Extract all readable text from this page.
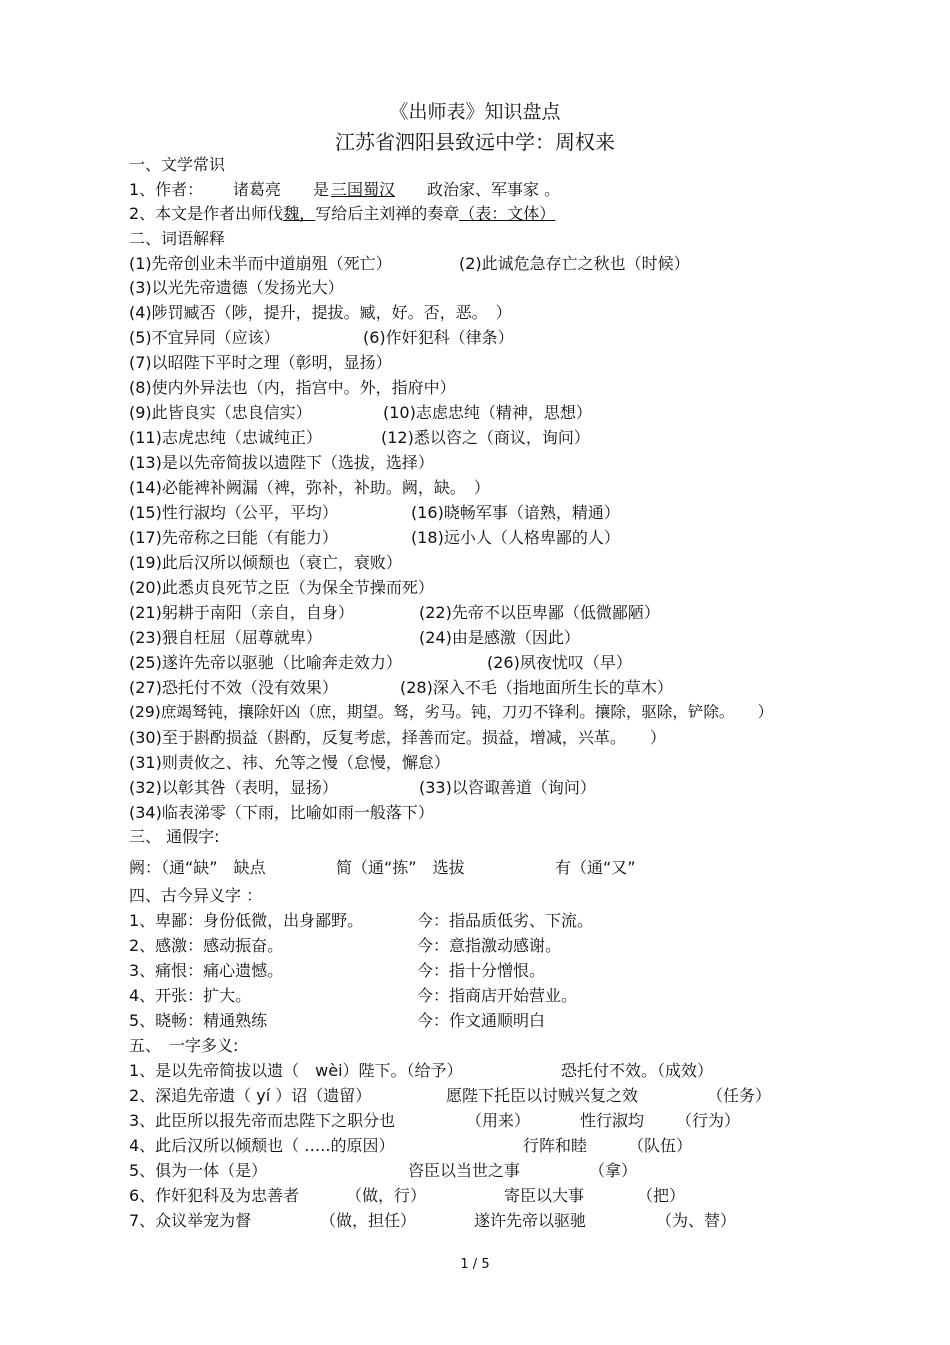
《出师表》知识盘点
江苏省泗阳县致远中学：周权来
一、文学常识
1、作者： 诸葛亮 是 三国蜀汉 政治家、军事家 。
2、本文是作者出师伐魏，写给后主刘禅的奏章（表：文体）
二、词语解释
(1)先帝创业未半而中道崩殂（死亡）	(2)此诚危急存亡之秋也（时候）
(3)以光先帝遗德（发扬光大）
(4)陟罚臧否（陟，提升，提拔。臧，好。否，恶。　）
(5)不宜异同（应该）	(6)作奸犯科（律条）
(7)以昭陛下平时之理（彰明，显扬）
(8)使内外异法也（内，指宫中。外，指府中）
(9)此皆良实（忠良信实）	(10)志虑忠纯（精神，思想）
(11)志虎忠纯（忠诚纯正）	(12)悉以咨之（商议，询问）
(13)是以先帝简拔以遗陛下（选拔，选择）
(14)必能裨补阙漏（裨，弥补，补助。阙，缺。　）
(15)性行淑均（公平，平均）	(16)晓畅军事（谙熟，精通）
(17)先帝称之曰能（有能力）	(18)远小人（人格卑鄙的人）
(19)此后汉所以倾颓也（衰亡，衰败）
(20)此悉贞良死节之臣（为保全节操而死）
(21)躬耕于南阳（亲自，自身）	(22)先帝不以臣卑鄙（低微鄙陋）
(23)猥自枉屈（屈尊就卑）	(24)由是感激（因此）
(25)遂许先帝以驱驰（比喻奔走效力）	(26)夙夜忧叹（早）
(27)恐托付不效（没有效果）	(28)深入不毛（指地面所生长的草木）
(29)庶竭驽钝，攘除奸凶（庶，期望。驽，劣马。钝，刀刃不锋利。攘除，驱除，铲除。　　）
(30)至于斟酌损益（斟酌，反复考虑，择善而定。损益，增减，兴革。　　）
(31)则责攸之、祎、允等之慢（怠慢，懈怠）
(32)以彰其咎（表明，显扬）	(33)以咨诹善道（询问）
(34)临表涕零（下雨，比喻如雨一般落下）
三、 通假字:
阙：（通“缺”　缺点	简（通“拣”　选拔	有（通“又”
四、古今异义字 ：
1、卑鄙：身份低微，出身鄙野。	今：指品质低劣、下流。
2、感激：感动振奋。	今：意指激动感谢。
3、痛恨：痛心遗憾。	今：指十分憎恨。
4、开张：扩大。	今：指商店开始营业。
5、晓畅：精通熟练	今：作文通顺明白
五、　一字多义:
1、是以先帝简拔以遗（　wèi）陛下。（给予）	恐托付不效。（成效）
2、深追先帝遗（ yí ）诏（遗留）	愿陛下托臣以讨贼兴复之效	（任务）
3、此臣所以报先帝而忠陛下之职分也	（用来）	性行淑均 （行为）
4、此后汉所以倾颓也（ …..的原因）	行阵和睦	（队伍）
5、俱为一体（是）	咨臣以当世之事	（拿）
6、作奸犯科及为忠善者	（做，行）	寄臣以大事	（把）
7、众议举宠为督	（做，担任）	遂许先帝以驱驰	（为、替）
1 / 5
